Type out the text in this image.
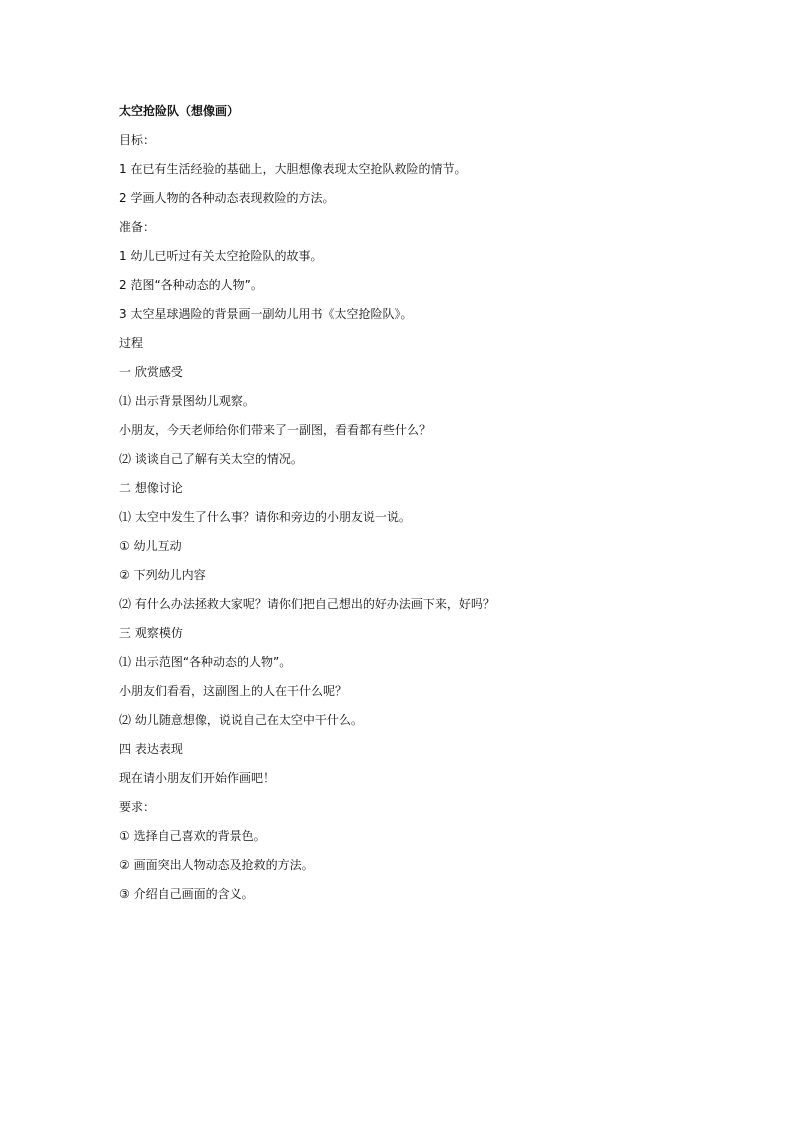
太空抢险队（想像画）
目标：
1 在已有生活经验的基础上，大胆想像表现太空抢队救险的情节。
2 学画人物的各种动态表现救险的方法。
准备：
1 幼儿已听过有关太空抢险队的故事。
2 范图“各种动态的人物”。
3 太空星球遇险的背景画一副幼儿用书《太空抢险队》。
过程
一 欣赏感受
⑴ 出示背景图幼儿观察。
小朋友，今天老师给你们带来了一副图，看看都有些什么？
⑵ 谈谈自己了解有关太空的情况。
二 想像讨论
⑴ 太空中发生了什么事？请你和旁边的小朋友说一说。
① 幼儿互动
② 下列幼儿内容
⑵ 有什么办法拯救大家呢？请你们把自己想出的好办法画下来，好吗？
三 观察模仿
⑴ 出示范图“各种动态的人物”。
小朋友们看看，这副图上的人在干什么呢？
⑵ 幼儿随意想像，说说自己在太空中干什么。
四 表达表现
现在请小朋友们开始作画吧！
要求：
① 选择自己喜欢的背景色。
② 画面突出人物动态及抢救的方法。
③ 介绍自己画面的含义。
